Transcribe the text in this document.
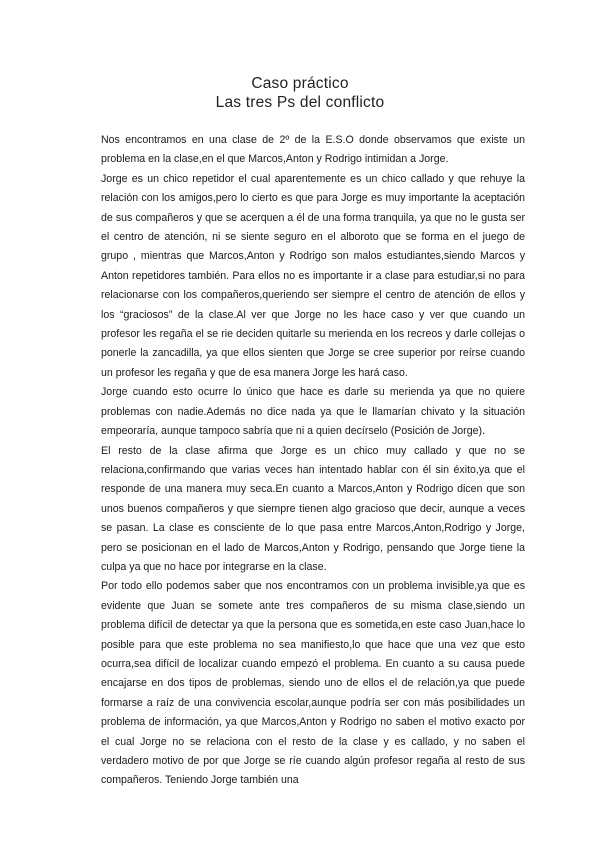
Caso práctico
Las tres Ps del conflicto

Nos encontramos en una clase de 2º de la E.S.O donde observamos que existe un problema en la clase,en el que Marcos,Anton y Rodrigo intimidan a Jorge.

Jorge es un chico repetidor el cual aparentemente es un chico callado y que rehuye la relación con los amigos,pero lo cierto es que para Jorge es muy importante la aceptación de sus compañeros y que se acerquen a él de una forma tranquila, ya que no le gusta ser el centro de atención, ni se siente seguro en el alboroto que se forma en el juego de grupo , mientras que Marcos,Anton y Rodrigo son malos estudiantes,siendo Marcos y Anton repetidores también. Para ellos no es importante ir a clase para estudiar,si no para relacionarse con los compañeros,queriendo ser siempre el centro de atención de ellos y los “graciosos” de la clase.Al ver que Jorge no les hace caso y ver que cuando un profesor les regaña el se rie deciden quitarle su merienda en los recreos y darle collejas o ponerle la zancadilla, ya que ellos sienten que Jorge se cree superior por reírse cuando un profesor les regaña y que de esa manera Jorge les hará caso.

Jorge cuando esto ocurre lo único que hace es darle su merienda ya que no quiere problemas con nadie.Además no dice nada ya que le llamarían chivato y la situación empeoraría, aunque tampoco sabría que ni a quien decírselo (Posición de Jorge).

El resto de la clase afirma que Jorge es un chico muy callado y que no se relaciona,confirmando que varias veces han intentado hablar con él sin éxito,ya que el responde de una manera muy seca.En cuanto a Marcos,Anton y Rodrigo dicen que son unos buenos compañeros y que siempre tienen algo gracioso que decir, aunque a veces se pasan. La clase es consciente de lo que pasa entre Marcos,Anton,Rodrigo y Jorge, pero se posicionan en el lado de Marcos,Anton y Rodrigo, pensando que Jorge tiene la culpa ya que no hace por integrarse en la clase.

Por todo ello podemos saber que nos encontramos con un problema invisible,ya que es evidente que Juan se somete ante tres compañeros de su misma clase,siendo un problema difícil de detectar ya que la persona que es sometida,en este caso Juan,hace lo posible para que este problema no sea manifiesto,lo que hace que una vez que esto ocurra,sea difícil de localizar cuando empezó el problema. En cuanto a su causa puede encajarse en dos tipos de problemas, siendo uno de ellos el de relación,ya que puede formarse a raíz de una convivencia escolar,aunque podría ser con más posibilidades un problema de información, ya que Marcos,Anton y Rodrigo no saben el motivo exacto por el cual Jorge no se relaciona con el resto de la clase y es callado, y no saben el verdadero motivo de por que Jorge se ríe cuando algún profesor regaña al resto de sus compañeros. Teniendo Jorge también una
